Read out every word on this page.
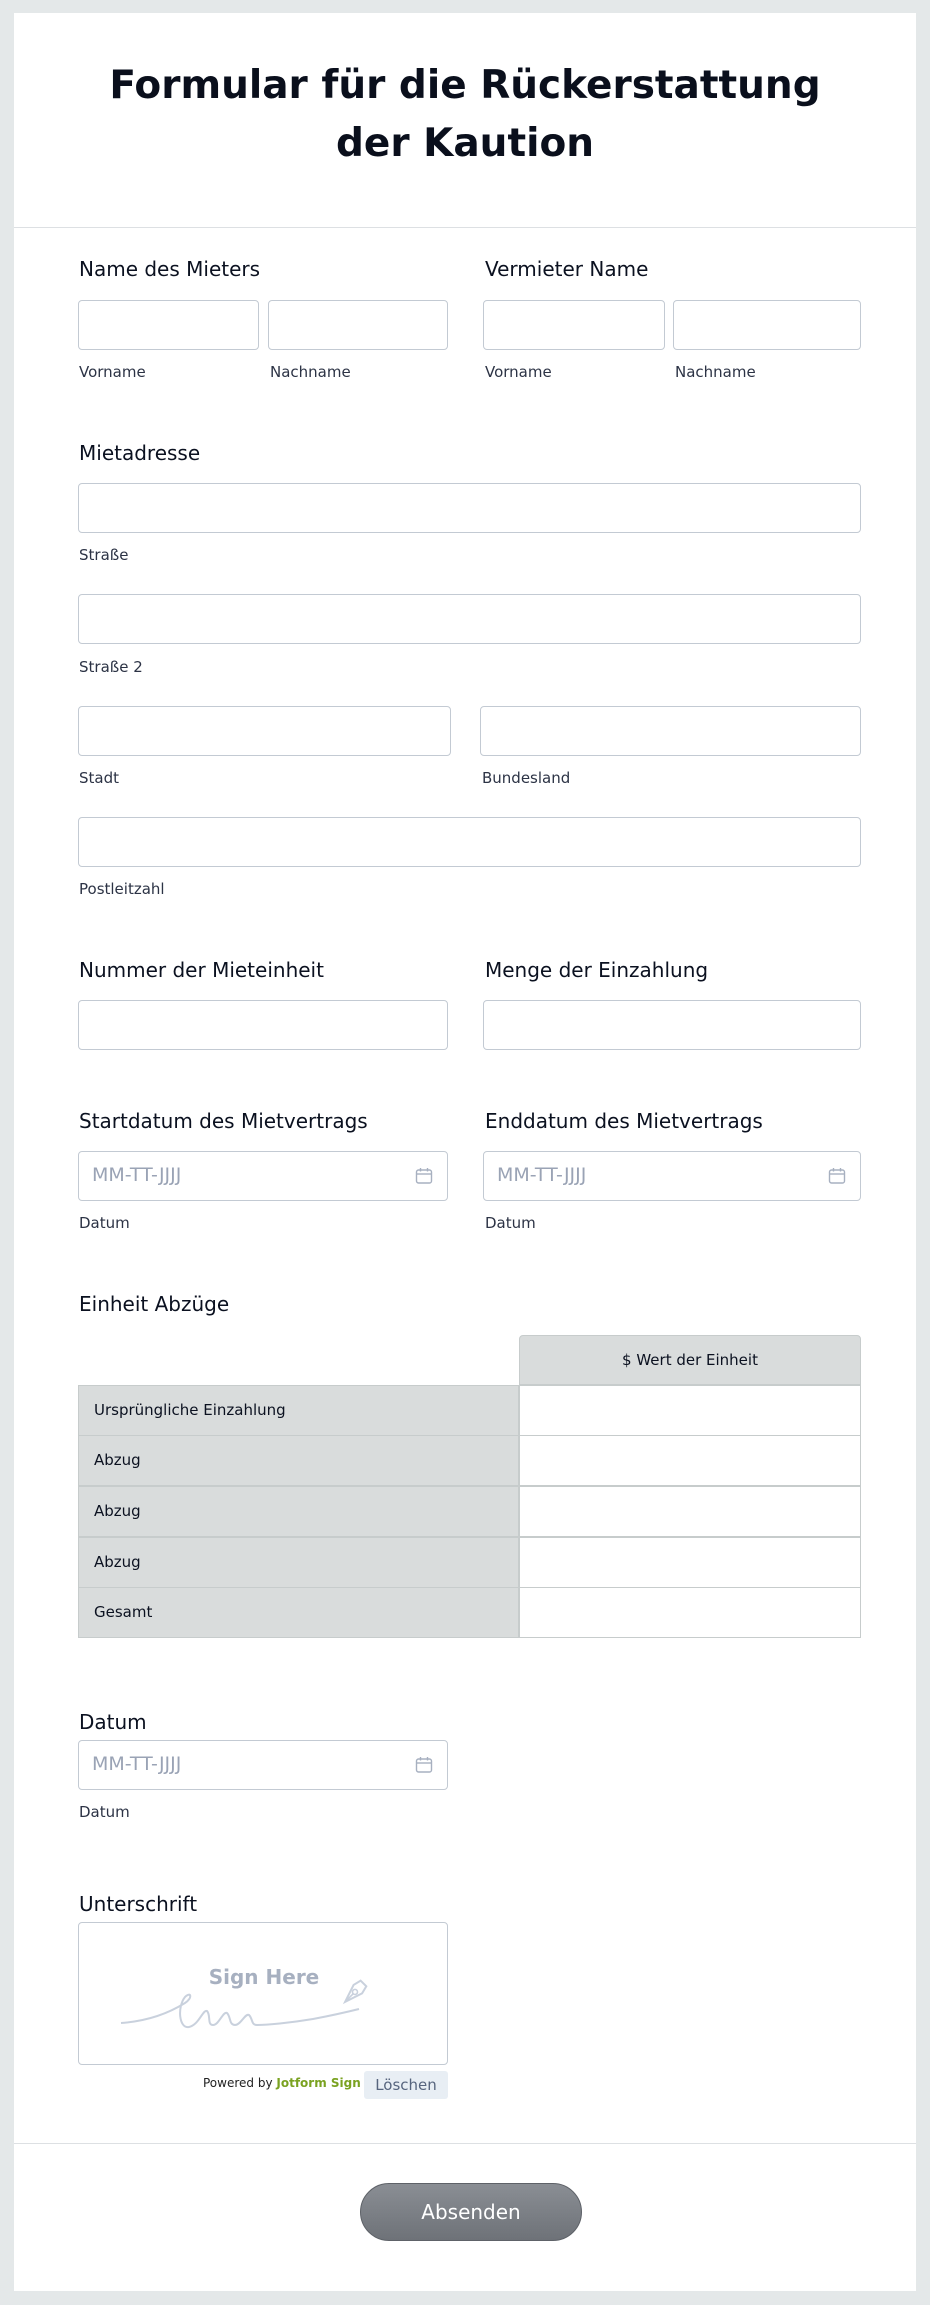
Formular für die Rückerstattung der Kaution
Name des Mieters
Vorname	Nachname
Vermieter Name
Vorname	Nachname
Mietadresse
Straße
Straße 2
Stadt	Bundesland
Postleitzahl
Nummer der Mieteinheit	Menge der Einzahlung
Startdatum des Mietvertrags
MM-TT-JJJJ
Datum
Enddatum des Mietvertrags
MM-TT-JJJJ
Datum
Einheit Abzüge
$ Wert der Einheit
Ursprüngliche Einzahlung
Abzug
Abzug
Abzug
Gesamt
Datum
MM-TT-JJJJ
Datum
Unterschrift
Sign Here
Powered by Jotform Sign Löschen
Absenden
